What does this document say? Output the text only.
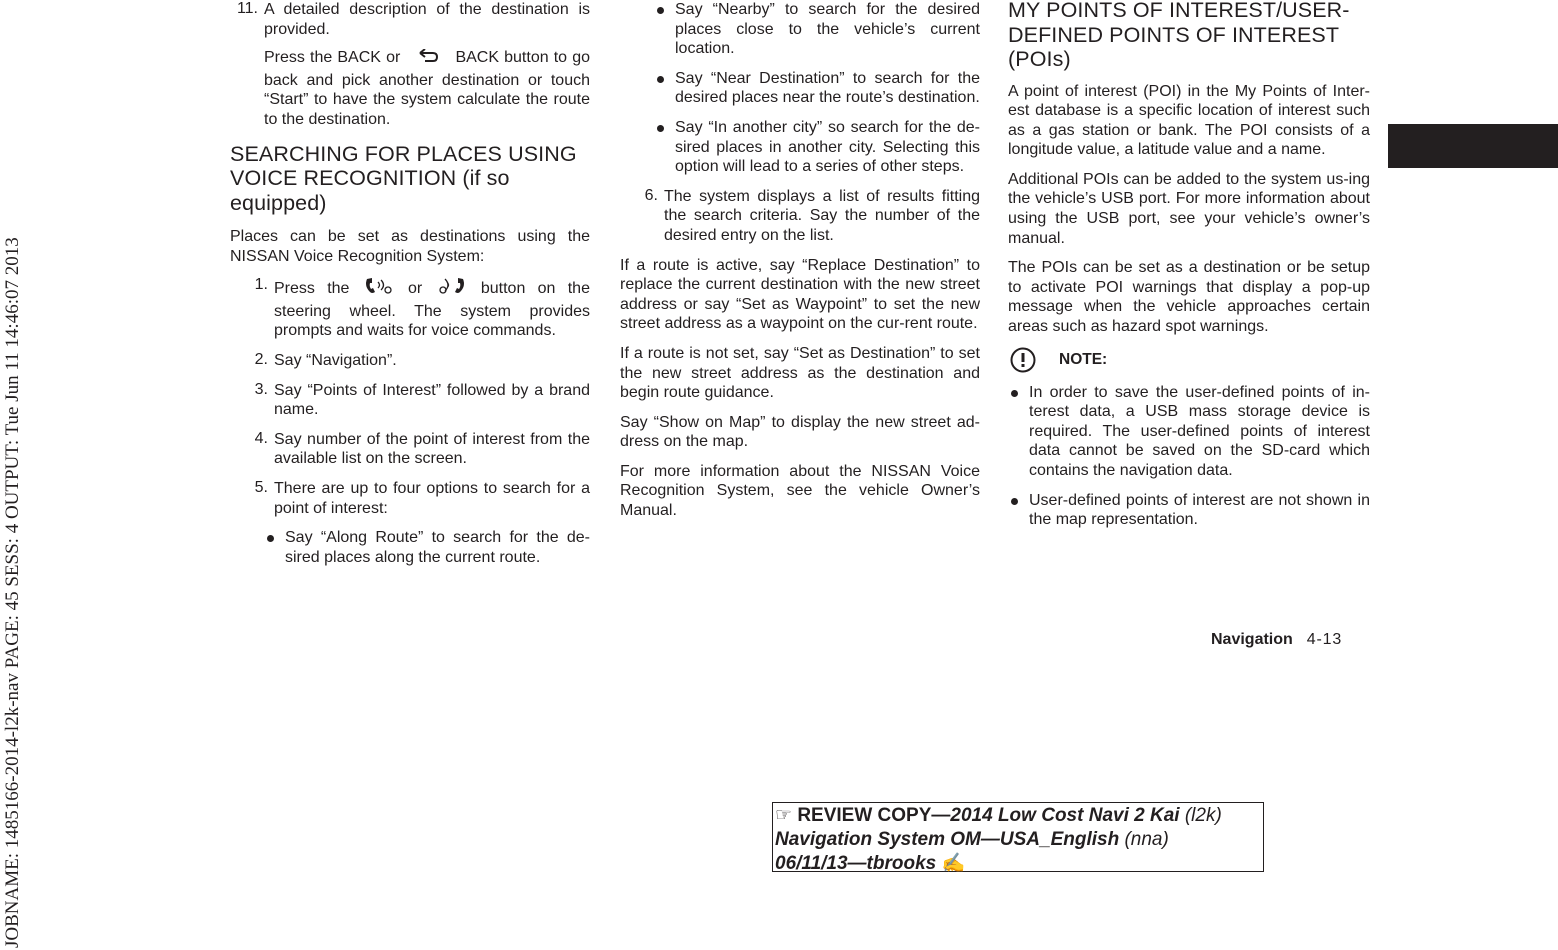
JOBNAME: 1485166-2014-l2k-nav PAGE: 45 SESS: 4 OUTPUT: Tue Jun 11 14:46:07 2013
11. A detailed description of the destination is provided.

Press the BACK or	BACK button to go back and pick another destination or touch “Start” to have the system calculate the route to the destination.

SEARCHING FOR PLACES USING VOICE RECOGNITION (if so equipped)

Places can be set as destinations using the NISSAN Voice Recognition System:

1. Press the	or	button on the steering wheel. The system provides prompts and waits for voice commands.
2. Say “Navigation”.
3. Say “Points of Interest” followed by a brand name.
4. Say number of the point of interest from the available list on the screen.
5. There are up to four options to search for a point of interest:
Say “Along Route” to search for the de-sired places along the current route.
Say “Nearby” to search for the desired places close to the vehicle’s current location.
Say “Near Destination” to search for the desired places near the route’s destination.
Say “In another city” so search for the de-sired places in another city. Selecting this option will lead to a series of other steps.
6. The system displays a list of results fitting the search criteria. Say the number of the desired entry on the list.

If a route is active, say “Replace Destination” to replace the current destination with the new street address or say “Set as Waypoint” to set the new street address as a waypoint on the cur-rent route.

If a route is not set, say “Set as Destination” to set the new street address as the destination and begin route guidance.

Say “Show on Map” to display the new street ad-dress on the map.

For more information about the NISSAN Voice Recognition System, see the vehicle Owner’s Manual.

MY POINTS OF INTEREST/USER-DEFINED POINTS OF INTEREST (POIs)

A point of interest (POI) in the My Points of Inter-est database is a specific location of interest such as a gas station or bank. The POI consists of a longitude value, a latitude value and a name.

Additional POIs can be added to the system us-ing the vehicle’s USB port. For more information about using the USB port, see your vehicle’s owner’s manual.

The POIs can be set as a destination or be setup to activate POI warnings that display a pop-up message when the vehicle approaches certain areas such as hazard spot warnings.

NOTE:
In order to save the user-defined points of in-terest data, a USB mass storage device is required. The user-defined points of interest data cannot be saved on the SD-card which contains the navigation data.
User-defined points of interest are not shown in the map representation.
Navigation 4-13
☞ REVIEW COPY—2014 Low Cost Navi 2 Kai (l2k)
Navigation System OM—USA_English (nna)
06/11/13—tbrooks ✍
